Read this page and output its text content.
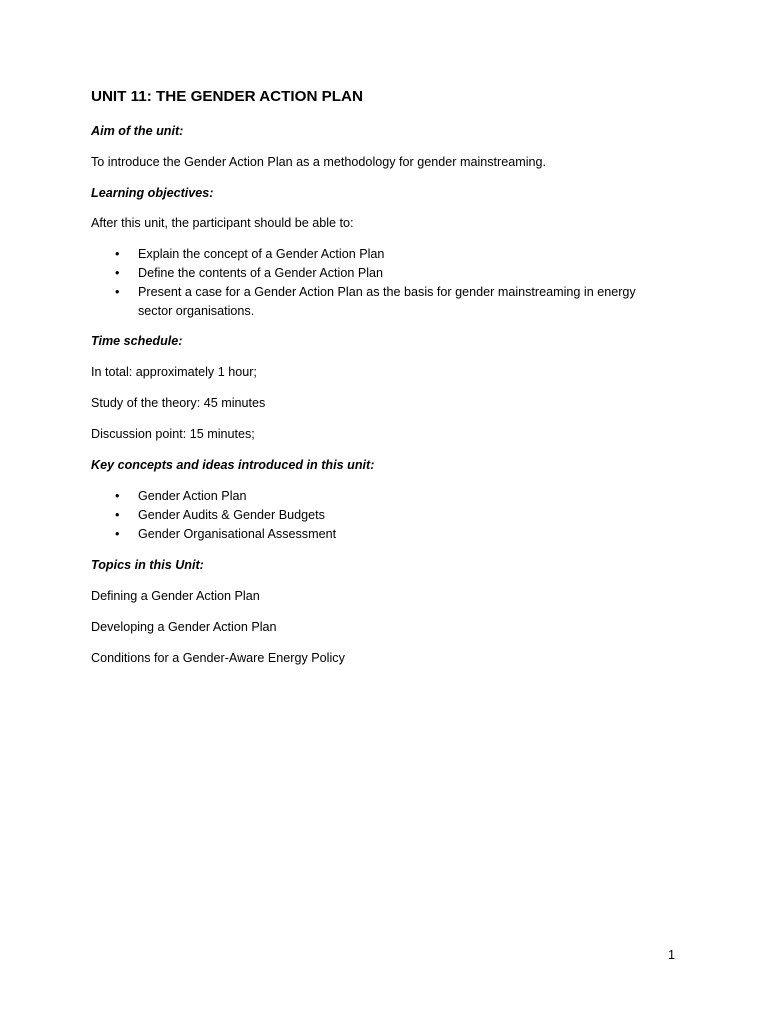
UNIT 11: THE GENDER ACTION PLAN
Aim of the unit:
To introduce the Gender Action Plan as a methodology for gender mainstreaming.
Learning objectives:
After this unit, the participant should be able to:
• Explain the concept of a Gender Action Plan
• Define the contents of a Gender Action Plan
• Present a case for a Gender Action Plan as the basis for gender mainstreaming in energy sector organisations.
Time schedule:
In total: approximately 1 hour;
Study of the theory: 45 minutes
Discussion point: 15 minutes;
Key concepts and ideas introduced in this unit:
• Gender Action Plan
• Gender Audits & Gender Budgets
• Gender Organisational Assessment
Topics in this Unit:
Defining a Gender Action Plan
Developing a Gender Action Plan
Conditions for a Gender-Aware Energy Policy
1
